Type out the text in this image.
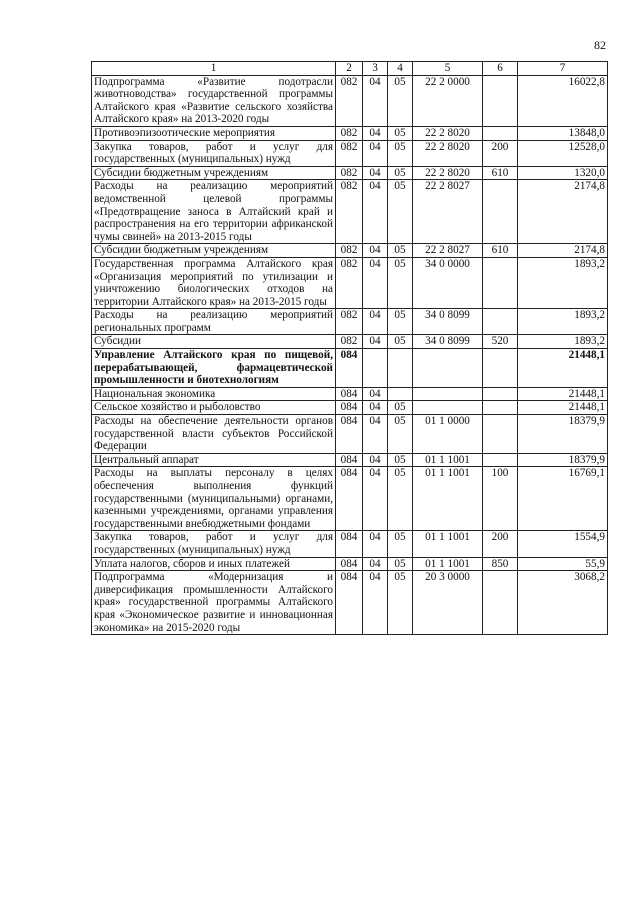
82
1	2	3	4	5	6	7
Подпрограмма «Развитие подотрасли животноводства» государственной программы Алтайского края «Развитие сельского хозяйства Алтайского края» на 2013-2020 годы	082	04	05	22 2 0000		16022,8
Противоэпизоотические мероприятия	082	04	05	22 2 8020		13848,0
Закупка товаров, работ и услуг для государственных (муниципальных) нужд	082	04	05	22 2 8020	200	12528,0
Субсидии бюджетным учреждениям	082	04	05	22 2 8020	610	1320,0
Расходы на реализацию мероприятий ведомственной целевой программы «Предотвращение заноса в Алтайский край и распространения на его территории африканской чумы свиней» на 2013-2015 годы	082	04	05	22 2 8027		2174,8
Субсидии бюджетным учреждениям	082	04	05	22 2 8027	610	2174,8
Государственная программа Алтайского края «Организация мероприятий по утилизации и уничтожению биологических отходов на территории Алтайского края» на 2013-2015 годы	082	04	05	34 0 0000		1893,2
Расходы на реализацию мероприятий региональных программ	082	04	05	34 0 8099		1893,2
Субсидии	082	04	05	34 0 8099	520	1893,2
Управление Алтайского края по пищевой, перерабатывающей, фармацевтической промышленности и биотехнологиям	084					21448,1
Национальная экономика	084	04				21448,1
Сельское хозяйство и рыболовство	084	04	05			21448,1
Расходы на обеспечение деятельности органов государственной власти субъектов Российской Федерации	084	04	05	01 1 0000		18379,9
Центральный аппарат	084	04	05	01 1 1001		18379,9
Расходы на выплаты персоналу в целях обеспечения выполнения функций государственными (муниципальными) органами, казенными учреждениями, органами управления государственными внебюджетными фондами	084	04	05	01 1 1001	100	16769,1
Закупка товаров, работ и услуг для государственных (муниципальных) нужд	084	04	05	01 1 1001	200	1554,9
Уплата налогов, сборов и иных платежей	084	04	05	01 1 1001	850	55,9
Подпрограмма «Модернизация и диверсификация промышленности Алтайского края» государственной программы Алтайского края «Экономическое развитие и инновационная экономика» на 2015-2020 годы	084	04	05	20 3 0000		3068,2
